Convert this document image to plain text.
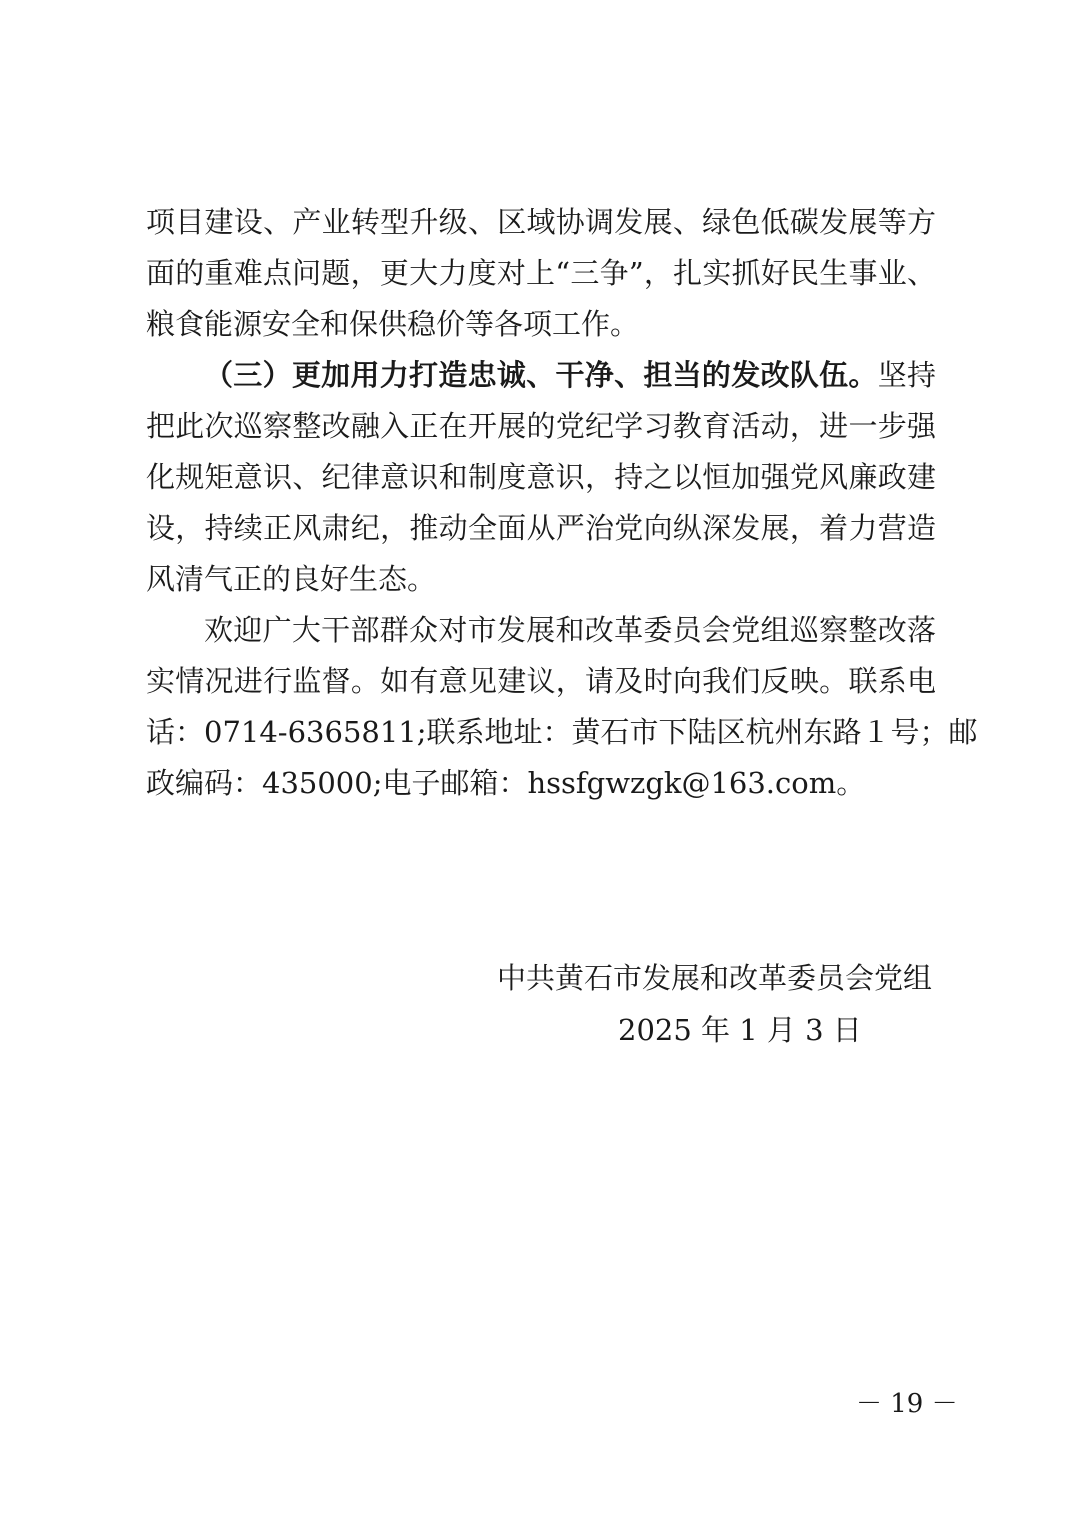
项目建设、产业转型升级、区域协调发展、绿色低碳发展等方
面的重难点问题，更大力度对上“三争”，扎实抓好民生事业、
粮食能源安全和保供稳价等各项工作。
（三）更加用力打造忠诚、干净、担当的发改队伍。坚持
把此次巡察整改融入正在开展的党纪学习教育活动，进一步强
化规矩意识、纪律意识和制度意识，持之以恒加强党风廉政建
设，持续正风肃纪，推动全面从严治党向纵深发展，着力营造
风清气正的良好生态。
欢迎广大干部群众对市发展和改革委员会党组巡察整改落
实情况进行监督。如有意见建议，请及时向我们反映。联系电
话：0714-6365811;联系地址：黄石市下陆区杭州东路１号；邮
政编码：435000;电子邮箱：hssfgwzgk@163.com。
中共黄石市发展和改革委员会党组
2025 年 1 月 3 日
－ 19 －
